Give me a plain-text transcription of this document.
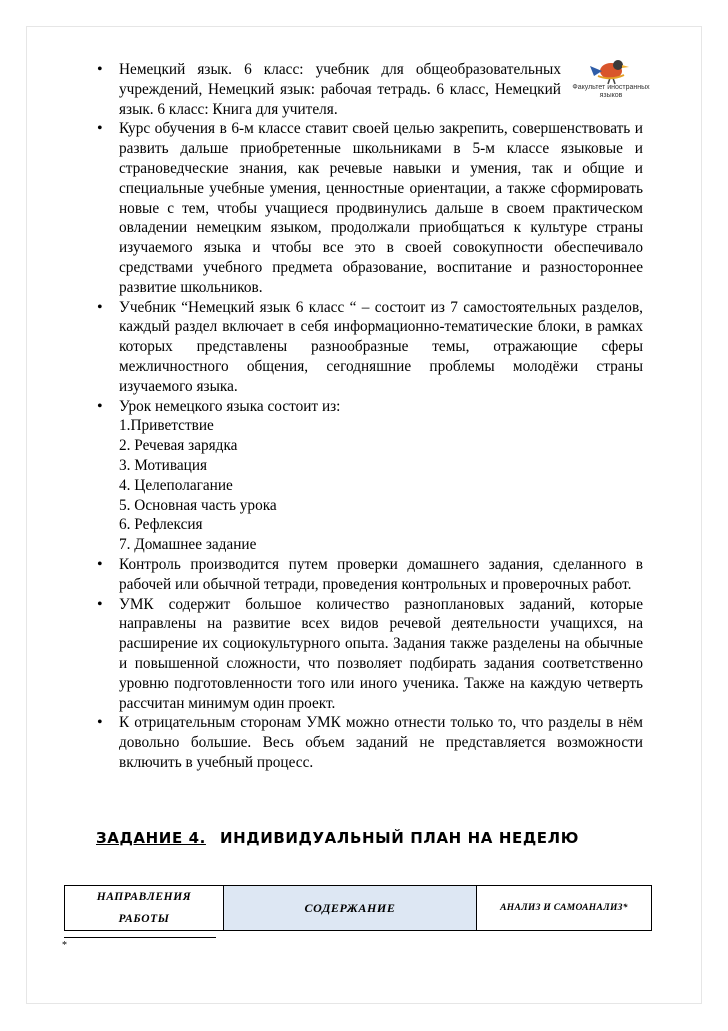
Факультет иностранных языков

• Немецкий язык. 6 класс: учебник для общеобразовательных учреждений, Немецкий язык: рабочая тетрадь. 6 класс, Немецкий язык. 6 класс: Книга для учителя.

• Курс обучения в 6-м классе ставит своей целью закрепить, совершенствовать и развить дальше приобретенные школьниками в 5-м классе языковые и страноведческие знания, как речевые навыки и умения, так и общие и специальные учебные умения, ценностные ориентации, а также сформировать новые с тем, чтобы учащиеся продвинулись дальше в своем практическом овладении немецким языком, продолжали приобщаться к культуре страны изучаемого языка и чтобы все это в своей совокупности обеспечивало средствами учебного предмета образование, воспитание и разностороннее развитие школьников.
• Учебник “Немецкий язык 6 класс “ – состоит из 7 самостоятельных разделов, каждый раздел включает в себя информационно-тематические блоки, в рамках которых представлены разнообразные темы, отражающие сферы межличностного общения, сегодняшние проблемы молодёжи страны изучаемого языка.
• Урок немецкого языка состоит из:
1.Приветствие
2. Речевая зарядка
3. Мотивация
4. Целеполагание
5. Основная часть урока
6. Рефлексия
7. Домашнее задание
• Контроль производится путем проверки домашнего задания, сделанного в рабочей или обычной тетради, проведения контрольных и проверочных работ.
• УМК содержит большое количество разноплановых заданий, которые направлены на развитие всех видов речевой деятельности учащихся, на расширение их социокультурного опыта. Задания также разделены на обычные и повышенной сложности, что позволяет подбирать задания соответственно уровню подготовленности того или иного ученика. Также на каждую четверть рассчитан минимум один проект.
• К отрицательным сторонам УМК можно отнести только то, что разделы в нём довольно большие. Весь объем заданий не представляется возможности включить в учебный процесс.
ЗАДАНИЕ 4. ИНДИВИДУАЛЬНЫЙ ПЛАН НА НЕДЕЛЮ
НАПРАВЛЕНИЯ
РАБОТЫ	СОДЕРЖАНИЕ	АНАЛИЗ И САМОАНАЛИЗ*
*
